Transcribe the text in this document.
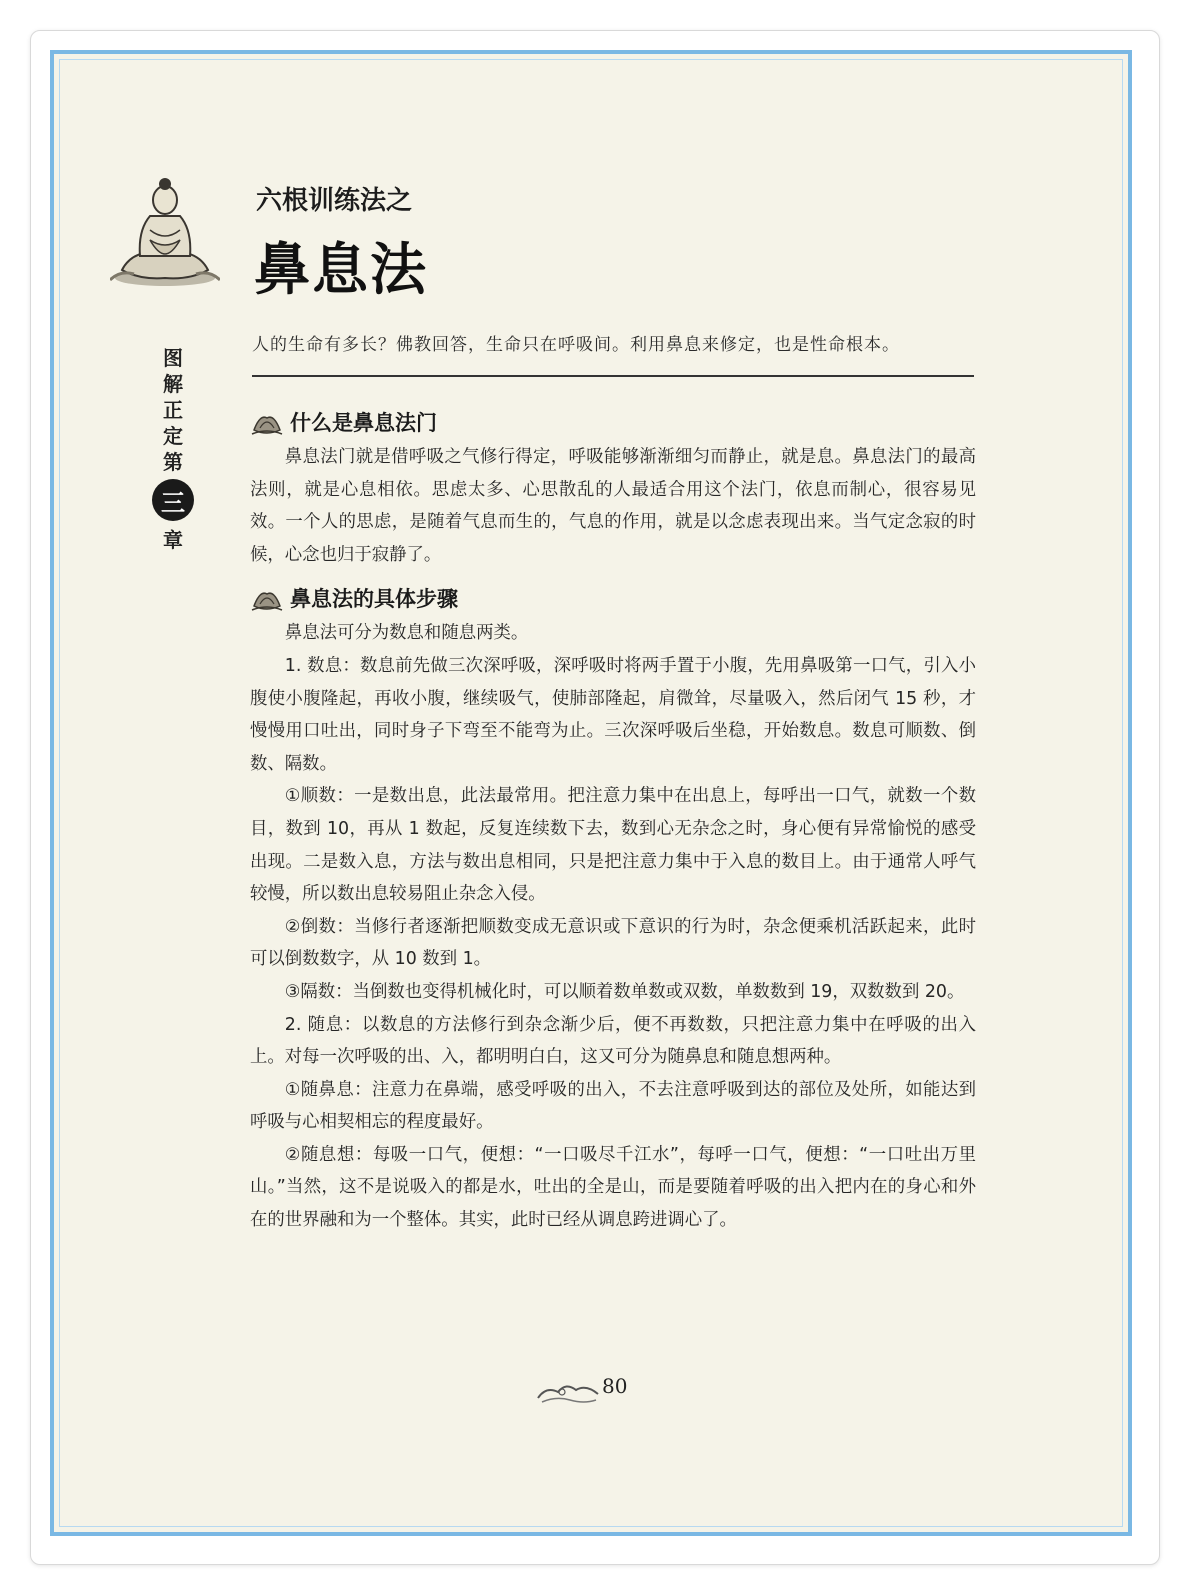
图
解
正
定
第
三
章
六根训练法之
鼻息法
人的生命有多长？佛教回答，生命只在呼吸间。利用鼻息来修定，也是性命根本。
什么是鼻息法门

鼻息法门就是借呼吸之气修行得定，呼吸能够渐渐细匀而静止，就是息。鼻息法门的最高法则，就是心息相依。思虑太多、心思散乱的人最适合用这个法门，依息而制心，很容易见效。一个人的思虑，是随着气息而生的，气息的作用，就是以念虑表现出来。当气定念寂的时候，心念也归于寂静了。

鼻息法的具体步骤

鼻息法可分为数息和随息两类。

1. 数息：数息前先做三次深呼吸，深呼吸时将两手置于小腹，先用鼻吸第一口气，引入小腹使小腹隆起，再收小腹，继续吸气，使肺部隆起，肩微耸，尽量吸入，然后闭气 15 秒，才慢慢用口吐出，同时身子下弯至不能弯为止。三次深呼吸后坐稳，开始数息。数息可顺数、倒数、隔数。

①顺数：一是数出息，此法最常用。把注意力集中在出息上，每呼出一口气，就数一个数目，数到 10，再从 1 数起，反复连续数下去，数到心无杂念之时，身心便有异常愉悦的感受出现。二是数入息，方法与数出息相同，只是把注意力集中于入息的数目上。由于通常人呼气较慢，所以数出息较易阻止杂念入侵。

②倒数：当修行者逐渐把顺数变成无意识或下意识的行为时，杂念便乘机活跃起来，此时可以倒数数字，从 10 数到 1。

③隔数：当倒数也变得机械化时，可以顺着数单数或双数，单数数到 19，双数数到 20。

2. 随息：以数息的方法修行到杂念渐少后，便不再数数，只把注意力集中在呼吸的出入上。对每一次呼吸的出、入，都明明白白，这又可分为随鼻息和随息想两种。

①随鼻息：注意力在鼻端，感受呼吸的出入，不去注意呼吸到达的部位及处所，如能达到呼吸与心相契相忘的程度最好。

②随息想：每吸一口气，便想：“一口吸尽千江水”，每呼一口气，便想：“一口吐出万里山。”当然，这不是说吸入的都是水，吐出的全是山，而是要随着呼吸的出入把内在的身心和外在的世界融和为一个整体。其实，此时已经从调息跨进调心了。

80
